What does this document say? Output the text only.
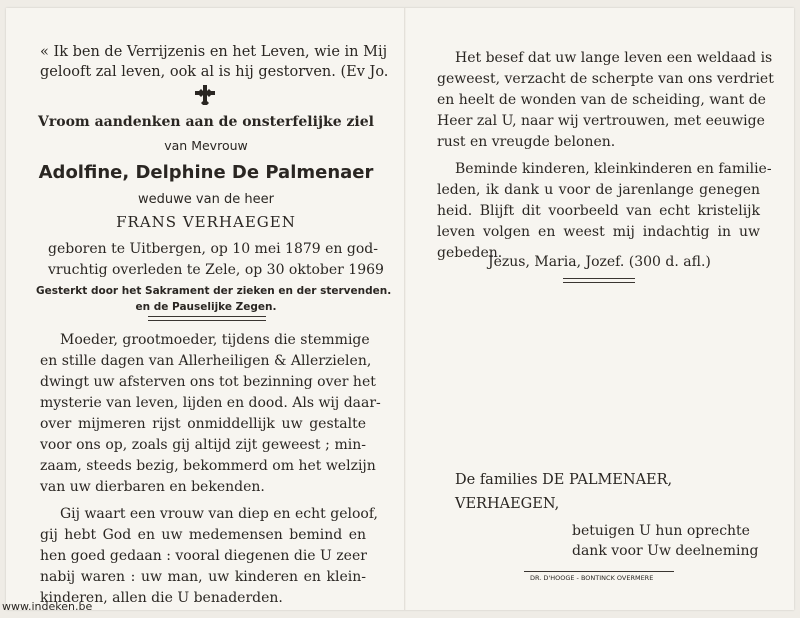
« Ik ben de Verrijzenis en het Leven, wie in Mij
gelooft zal leven, ook al is hij gestorven. (Ev Jo.
Vroom aandenken aan de onsterfelijke ziel
van Mevrouw
Adolfine, Delphine De Palmenaer
weduwe van de heer
FRANS VERHAEGEN
geboren te Uitbergen, op 10 mei 1879 en god-
vruchtig overleden te Zele, op 30 oktober 1969
Gesterkt door het Sakrament der zieken en der stervenden.
en de Pauselijke Zegen.
Moeder, grootmoeder, tijdens die stemmige
en stille dagen van Allerheiligen & Allerzielen,
dwingt uw afsterven ons tot bezinning over het
mysterie van leven, lijden en dood. Als wij daar-
over mijmeren rijst onmiddellijk uw gestalte
voor ons op, zoals gij altijd zijt geweest ; min-
zaam, steeds bezig, bekommerd om het welzijn
van uw dierbaren en bekenden.
Gij waart een vrouw van diep en echt geloof,
gij hebt God en uw medemensen bemind en
hen goed gedaan : vooral diegenen die U zeer
nabij waren : uw man, uw kinderen en klein-
kinderen, allen die U benaderden.
Het besef dat uw lange leven een weldaad is
geweest, verzacht de scherpte van ons verdriet
en heelt de wonden van de scheiding, want de
Heer zal U, naar wij vertrouwen, met eeuwige
rust en vreugde belonen.
Beminde kinderen, kleinkinderen en familie-
leden, ik dank u voor de jarenlange genegen
heid. Blijft dit voorbeeld van echt kristelijk
leven volgen en weest mij indachtig in uw
gebeden.
Jezus, Maria, Jozef. (300 d. afl.)
De families DE PALMENAER,
VERHAEGEN,
betuigen U hun oprechte
dank voor Uw deelneming
DR. D'HOOGE - BONTINCK OVERMERE
www.indeken.be
